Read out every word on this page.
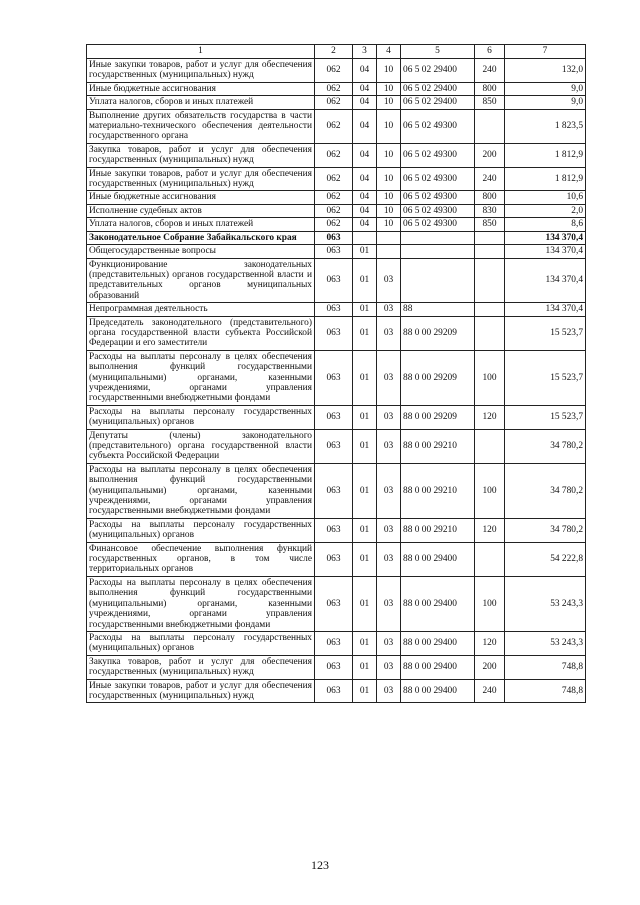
1	2	3	4	5	6	7
Иные закупки товаров, работ и услуг для обеспечения государственных (муниципальных) нужд	062	04	10	06 5 02 29400	240	132,0
Иные бюджетные ассигнования	062	04	10	06 5 02 29400	800	9,0
Уплата налогов, сборов и иных платежей	062	04	10	06 5 02 29400	850	9,0
Выполнение других обязательств государства в части материально-технического обеспечения деятельности государственного органа	062	04	10	06 5 02 49300		1 823,5
Закупка товаров, работ и услуг для обеспечения государственных (муниципальных) нужд	062	04	10	06 5 02 49300	200	1 812,9
Иные закупки товаров, работ и услуг для обеспечения государственных (муниципальных) нужд	062	04	10	06 5 02 49300	240	1 812,9
Иные бюджетные ассигнования	062	04	10	06 5 02 49300	800	10,6
Исполнение судебных актов	062	04	10	06 5 02 49300	830	2,0
Уплата налогов, сборов и иных платежей	062	04	10	06 5 02 49300	850	8,6
Законодательное Собрание Забайкальского края	063					134 370,4
Общегосударственные вопросы	063	01				134 370,4
Функционирование законодательных (представительных) органов государственной власти и представительных органов муниципальных образований	063	01	03			134 370,4
Непрограммная деятельность	063	01	03	88		134 370,4
Председатель законодательного (представительного) органа государственной власти субъекта Российской Федерации и его заместители	063	01	03	88 0 00 29209		15 523,7
Расходы на выплаты персоналу в целях обеспечения выполнения функций государственными (муниципальными) органами, казенными учреждениями, органами управления государственными внебюджетными фондами	063	01	03	88 0 00 29209	100	15 523,7
Расходы на выплаты персоналу государственных (муниципальных) органов	063	01	03	88 0 00 29209	120	15 523,7
Депутаты (члены) законодательного (представительного) органа государственной власти субъекта Российской Федерации	063	01	03	88 0 00 29210		34 780,2
Расходы на выплаты персоналу в целях обеспечения выполнения функций государственными (муниципальными) органами, казенными учреждениями, органами управления государственными внебюджетными фондами	063	01	03	88 0 00 29210	100	34 780,2
Расходы на выплаты персоналу государственных (муниципальных) органов	063	01	03	88 0 00 29210	120	34 780,2
Финансовое обеспечение выполнения функций государственных органов, в том числе территориальных органов	063	01	03	88 0 00 29400		54 222,8
Расходы на выплаты персоналу в целях обеспечения выполнения функций государственными (муниципальными) органами, казенными учреждениями, органами управления государственными внебюджетными фондами	063	01	03	88 0 00 29400	100	53 243,3
Расходы на выплаты персоналу государственных (муниципальных) органов	063	01	03	88 0 00 29400	120	53 243,3
Закупка товаров, работ и услуг для обеспечения государственных (муниципальных) нужд	063	01	03	88 0 00 29400	200	748,8
Иные закупки товаров, работ и услуг для обеспечения государственных (муниципальных) нужд	063	01	03	88 0 00 29400	240	748,8
123
